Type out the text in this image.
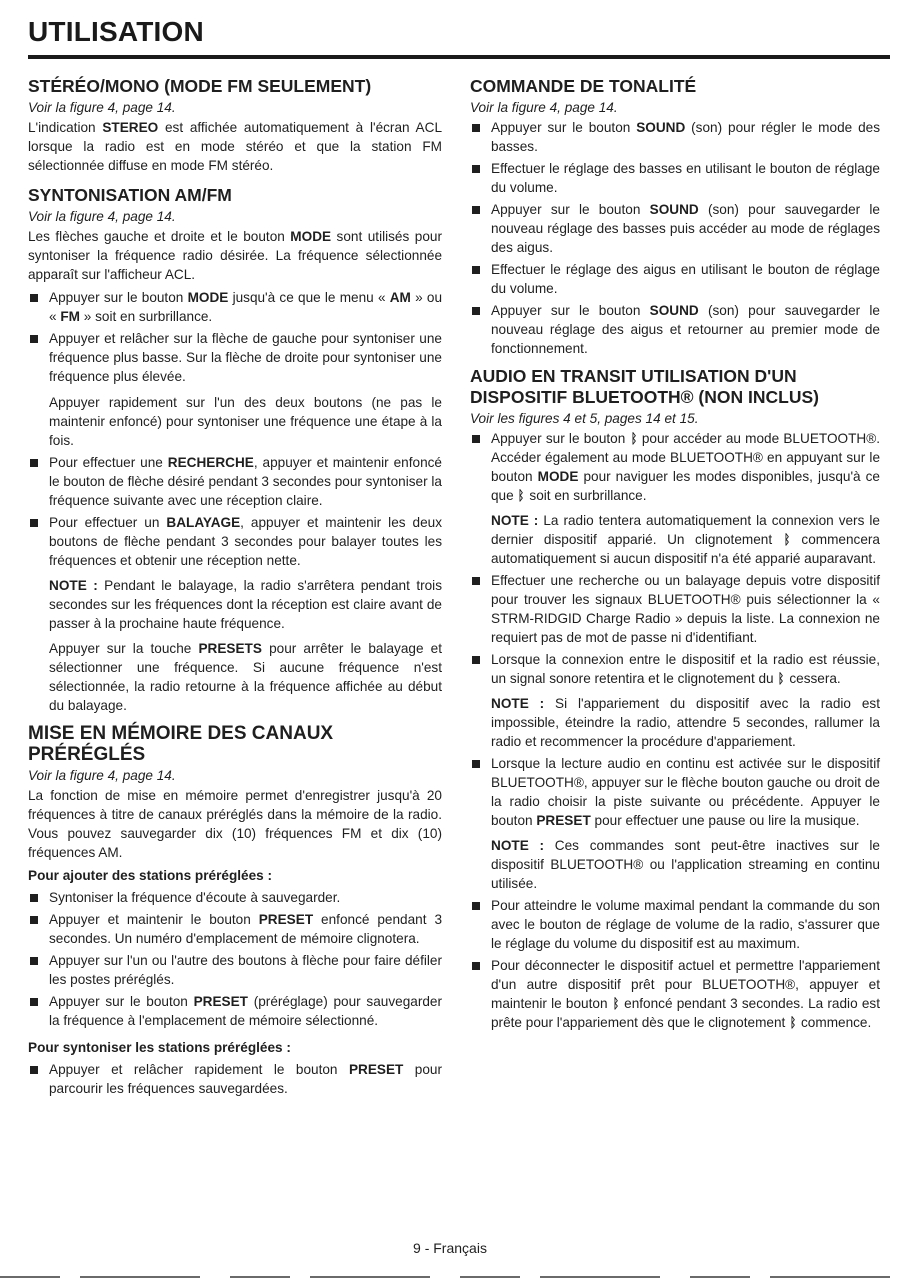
UTILISATION
STÉRÉO/MONO (MODE FM SEULEMENT)
Voir la figure 4, page 14.

L'indication STEREO est affichée automatiquement à l'écran ACL lorsque la radio est en mode stéréo et que la station FM sélectionnée diffuse en mode FM stéréo.

SYNTONISATION AM/FM
Voir la figure 4, page 14.

Les flèches gauche et droite et le bouton MODE sont utilisés pour syntoniser la fréquence radio désirée. La fréquence sélectionnée apparaît sur l'afficheur ACL.

Appuyer sur le bouton MODE jusqu'à ce que le menu « AM » ou « FM » soit en surbrillance.
Appuyer et relâcher sur la flèche de gauche pour syntoniser une fréquence plus basse. Sur la flèche de droite pour syntoniser une fréquence plus élevée.
Appuyer rapidement sur l'un des deux boutons (ne pas le maintenir enfoncé) pour syntoniser une fréquence une étape à la fois.
Pour effectuer une RECHERCHE, appuyer et maintenir enfoncé le bouton de flèche désiré pendant 3 secondes pour syntoniser la fréquence suivante avec une réception claire.
Pour effectuer un BALAYAGE, appuyer et maintenir les deux boutons de flèche pendant 3 secondes pour balayer toutes les fréquences et obtenir une réception nette.
NOTE : Pendant le balayage, la radio s'arrêtera pendant trois secondes sur les fréquences dont la réception est claire avant de passer à la prochaine haute fréquence.
Appuyer sur la touche PRESETS pour arrêter le balayage et sélectionner une fréquence. Si aucune fréquence n'est sélectionnée, la radio retourne à la fréquence affichée au début du balayage.
MISE EN MÉMOIRE DES CANAUX PRÉRÉGLÉS
Voir la figure 4, page 14.

La fonction de mise en mémoire permet d'enregistrer jusqu'à 20 fréquences à titre de canaux préréglés dans la mémoire de la radio. Vous pouvez sauvegarder dix (10) fréquences FM et dix (10) fréquences AM.

Pour ajouter des stations préréglées :
Syntoniser la fréquence d'écoute à sauvegarder.
Appuyer et maintenir le bouton PRESET enfoncé pendant 3 secondes. Un numéro d'emplacement de mémoire clignotera.
Appuyer sur l'un ou l'autre des boutons à flèche pour faire défiler les postes préréglés.
Appuyer sur le bouton PRESET (préréglage) pour sauvegarder la fréquence à l'emplacement de mémoire sélectionné.
Pour syntoniser les stations préréglées :
Appuyer et relâcher rapidement le bouton PRESET pour parcourir les fréquences sauvegardées.
COMMANDE DE TONALITÉ
Voir la figure 4, page 14.
Appuyer sur le bouton SOUND (son) pour régler le mode des basses.
Effectuer le réglage des basses en utilisant le bouton de réglage du volume.
Appuyer sur le bouton SOUND (son) pour sauvegarder le nouveau réglage des basses puis accéder au mode de réglages des aigus.
Effectuer le réglage des aigus en utilisant le bouton de réglage du volume.
Appuyer sur le bouton SOUND (son) pour sauvegarder le nouveau réglage des aigus et retourner au premier mode de fonctionnement.
AUDIO EN TRANSIT UTILISATION D'UN
DISPOSITIF BLUETOOTH® (NON INCLUS)
Voir les figures 4 et 5, pages 14 et 15.
Appuyer sur le bouton ᛒ pour accéder au mode BLUETOOTH®. Accéder également au mode BLUETOOTH® en appuyant sur le bouton MODE pour naviguer les modes disponibles, jusqu'à ce que ᛒ soit en surbrillance.
NOTE : La radio tentera automatiquement la connexion vers le dernier dispositif apparié. Un clignotement ᛒ commencera automatiquement si aucun dispositif n'a été apparié auparavant.
Effectuer une recherche ou un balayage depuis votre dispositif pour trouver les signaux BLUETOOTH® puis sélectionner la « STRM-RIDGID Charge Radio » depuis la liste. La connexion ne requiert pas de mot de passe ni d'identifiant.
Lorsque la connexion entre le dispositif et la radio est réussie, un signal sonore retentira et le clignotement du ᛒ cessera.
NOTE : Si l'appariement du dispositif avec la radio est impossible, éteindre la radio, attendre 5 secondes, rallumer la radio et recommencer la procédure d'appariement.
Lorsque la lecture audio en continu est activée sur le dispositif BLUETOOTH®, appuyer sur le flèche bouton gauche ou droit de la radio choisir la piste suivante ou précédente. Appuyer le bouton PRESET pour effectuer une pause ou lire la musique.
NOTE : Ces commandes sont peut-être inactives sur le dispositif BLUETOOTH® ou l'application streaming en continu utilisée.
Pour atteindre le volume maximal pendant la commande du son avec le bouton de réglage de volume de la radio, s'assurer que le réglage du volume du dispositif est au maximum.
Pour déconnecter le dispositif actuel et permettre l'appariement d'un autre dispositif prêt pour BLUETOOTH®, appuyer et maintenir le bouton ᛒ enfoncé pendant 3 secondes. La radio est prête pour l'appariement dès que le clignotement ᛒ commence.
9 - Français
